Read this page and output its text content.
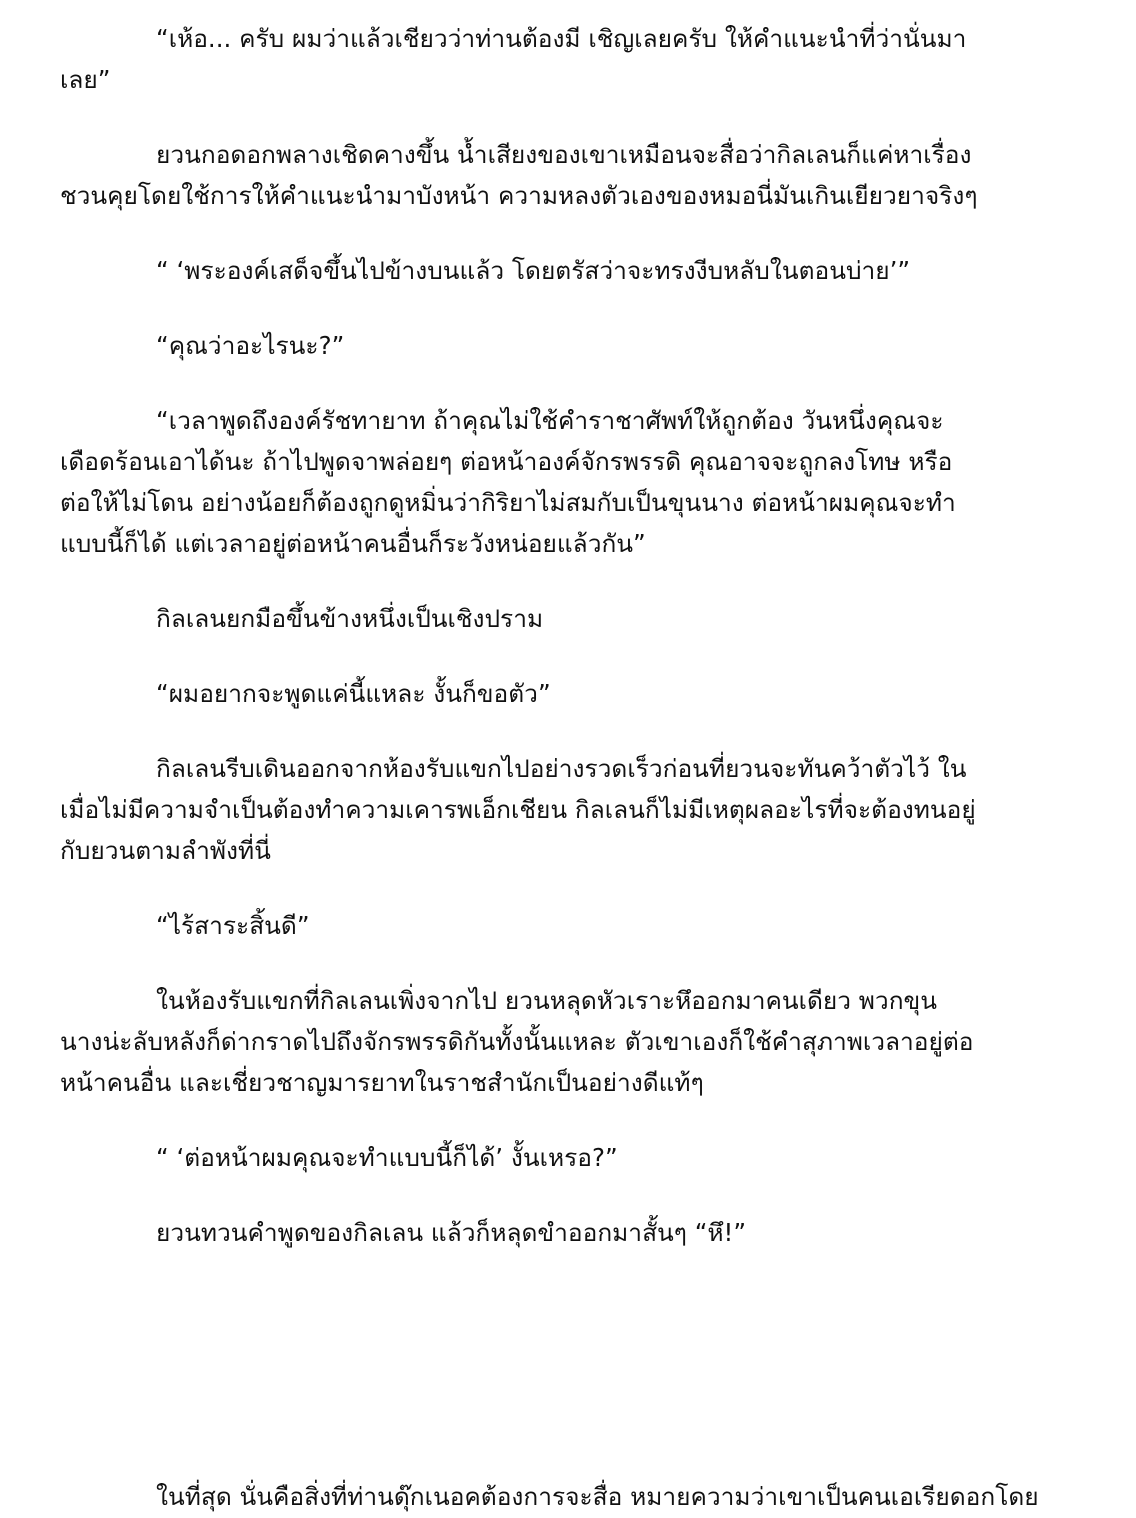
“เห้อ... ครับ ผมว่าแล้วเชียวว่าท่านต้องมี เชิญเลยครับ ให้คำแนะนำที่ว่านั่นมา
เลย”

ยวนกอดอกพลางเชิดคางขึ้น น้ำเสียงของเขาเหมือนจะสื่อว่ากิลเลนก็แค่หาเรื่อง
ชวนคุยโดยใช้การให้คำแนะนำมาบังหน้า ความหลงตัวเองของหมอนี่มันเกินเยียวยาจริงๆ

“ ‘พระองค์เสด็จขึ้นไปข้างบนแล้ว โดยตรัสว่าจะทรงงีบหลับในตอนบ่าย’”

“คุณว่าอะไรนะ?”

“เวลาพูดถึงองค์รัชทายาท ถ้าคุณไม่ใช้คำราชาศัพท์ให้ถูกต้อง วันหนึ่งคุณจะ
เดือดร้อนเอาได้นะ ถ้าไปพูดจาพล่อยๆ ต่อหน้าองค์จักรพรรดิ คุณอาจจะถูกลงโทษ หรือ
ต่อให้ไม่โดน อย่างน้อยก็ต้องถูกดูหมิ่นว่ากิริยาไม่สมกับเป็นขุนนาง ต่อหน้าผมคุณจะทำ
แบบนี้ก็ได้ แต่เวลาอยู่ต่อหน้าคนอื่นก็ระวังหน่อยแล้วกัน”

กิลเลนยกมือขึ้นข้างหนึ่งเป็นเชิงปราม

“ผมอยากจะพูดแค่นี้แหละ งั้นก็ขอตัว”

กิลเลนรีบเดินออกจากห้องรับแขกไปอย่างรวดเร็วก่อนที่ยวนจะทันคว้าตัวไว้ ใน
เมื่อไม่มีความจำเป็นต้องทำความเคารพเอ็กเชียน กิลเลนก็ไม่มีเหตุผลอะไรที่จะต้องทนอยู่
กับยวนตามลำพังที่นี่

“ไร้สาระสิ้นดี”

ในห้องรับแขกที่กิลเลนเพิ่งจากไป ยวนหลุดหัวเราะหึออกมาคนเดียว พวกขุน
นางน่ะลับหลังก็ด่ากราดไปถึงจักรพรรดิกันทั้งนั้นแหละ ตัวเขาเองก็ใช้คำสุภาพเวลาอยู่ต่อ
หน้าคนอื่น และเชี่ยวชาญมารยาทในราชสำนักเป็นอย่างดีแท้ๆ

“ ‘ต่อหน้าผมคุณจะทำแบบนี้ก็ได้’ งั้นเหรอ?”

ยวนทวนคำพูดของกิลเลน แล้วก็หลุดขำออกมาสั้นๆ “หึ!”

ในที่สุด นั่นคือสิ่งที่ท่านดุ๊กเนอคต้องการจะสื่อ หมายความว่าเขาเป็นคนเอเรียดอกโดย
